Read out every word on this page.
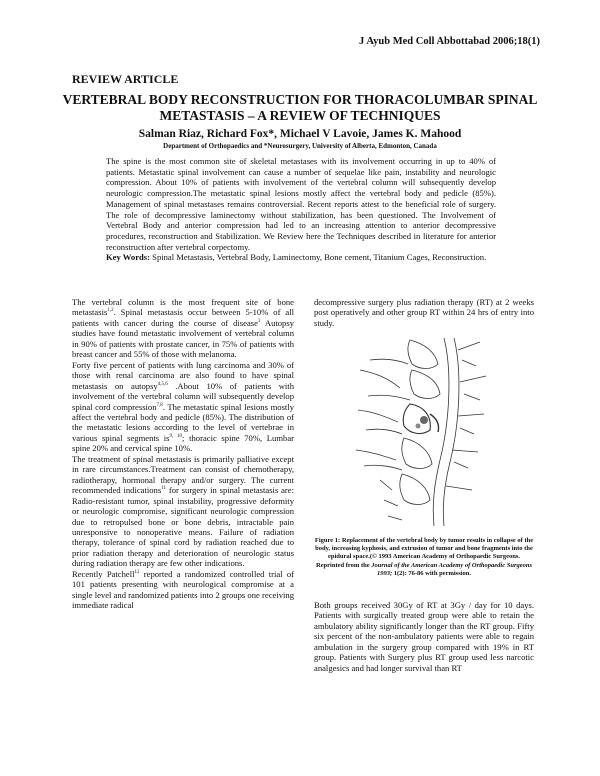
J Ayub Med Coll Abbottabad 2006;18(1)
REVIEW ARTICLE
VERTEBRAL BODY RECONSTRUCTION FOR THORACOLUMBAR SPINAL METASTASIS – A REVIEW OF TECHNIQUES
Salman Riaz, Richard Fox*, Michael V Lavoie, James K. Mahood
Department of Orthopaedics and *Neurosurgery, University of Alberta, Edmonton, Canada
The spine is the most common site of skeletal metastases with its involvement occurring in up to 40% of patients. Metastatic spinal involvement can cause a number of sequelae like pain, instability and neurologic compression. About 10% of patients with involvement of the vertebral column will subsequently develop neurologic compression.The metastatic spinal lesions mostly affect the vertebral body and pedicle (85%). Management of spinal metastases remains controversial. Recent reports attest to the beneficial role of surgery. The role of decompressive laminectomy without stabilization, has been questioned. The Involvement of Vertebral Body and anterior compression had led to an increasing attention to anterior decompressive procedures, reconstruction and Stabilization. We Review here the Techniques described in literature for anterior reconstruction after vertebral corpectomy.
Key Words: Spinal Metastasis, Vertebral Body, Laminectomy, Bone cement, Titanium Cages, Reconstruction.

The vertebral column is the most frequent site of bone metastasis$^{1,2}$. Spinal metastasis occur between 5-10% of all patients with cancer during the course of disease$^3$ Autopsy studies have found metastatic involvement of vertebral column in 90% of patients with prostate cancer, in 75% of patients with breast cancer and 55% of those with melanoma.

Forty five percent of patients with lung carcinoma and 30% of those with renal carcinoma are also found to have spinal metastasis on autopsy$^{4,5,6}$ .About 10% of patients with involvement of the vertebral column will subsequently develop spinal cord compression$^{7,8}$. The metastatic spinal lesions mostly affect the vertebral body and pedicle (85%). The distribution of the metastatic lesions according to the level of vertebrae in various spinal segments is$^{9, 10}$; thoracic spine 70%, Lumbar spine 20% and cervical spine 10%.

The treatment of spinal metastasis is primarily palliative except in rare circumstances.Treatment can consist of chemotherapy, radiotherapy, hormonal therapy and/or surgery. The current recommended indications$^{11}$ for surgery in spinal metastasis are: Radio-resistant tumor, spinal instability, progressive deformity or neurologic compromise, significant neurologic compression due to retropulsed bone or bone debris, intractable pain unresponsive to nonoperative means. Failure of radiation therapy, tolerance of spinal cord by radiation reached due to prior radiation therapy and deterioration of neurologic status during radiation therapy are few other indications.

Recently Patchell$^{12}$ reported a randomized controlled trial of 101 patients presenting with neurological compromise at a single level and randomized patients into 2 groups one receiving immediate radical

decompressive surgery plus radiation therapy (RT) at 2 weeks post operatively and other group RT within 24 hrs of entry into study.

Figure 1: Replacement of the vertebral body by tumor results in collapse of the body, increasing kyphosis, and extrusion of tumor and bone fragments into the epidural space.(© 1993 American Academy of Orthopaedic Surgeons. Reprinted from the Journal of the American Academy of Orthopaedic Surgeons 1993; 1(2): 76-86 with permission.

Both groups received 30Gy of RT at 3Gy / day for 10 days. Patients with surgically treated group were able to retain the ambulatory ability significantly longer than the RT group. Fifty six percent of the non-ambulatory patients were able to regain ambulation in the surgery group compared with 19% in RT group. Patients with Surgery plus RT group used less narcotic analgesics and had longer survival than RT
